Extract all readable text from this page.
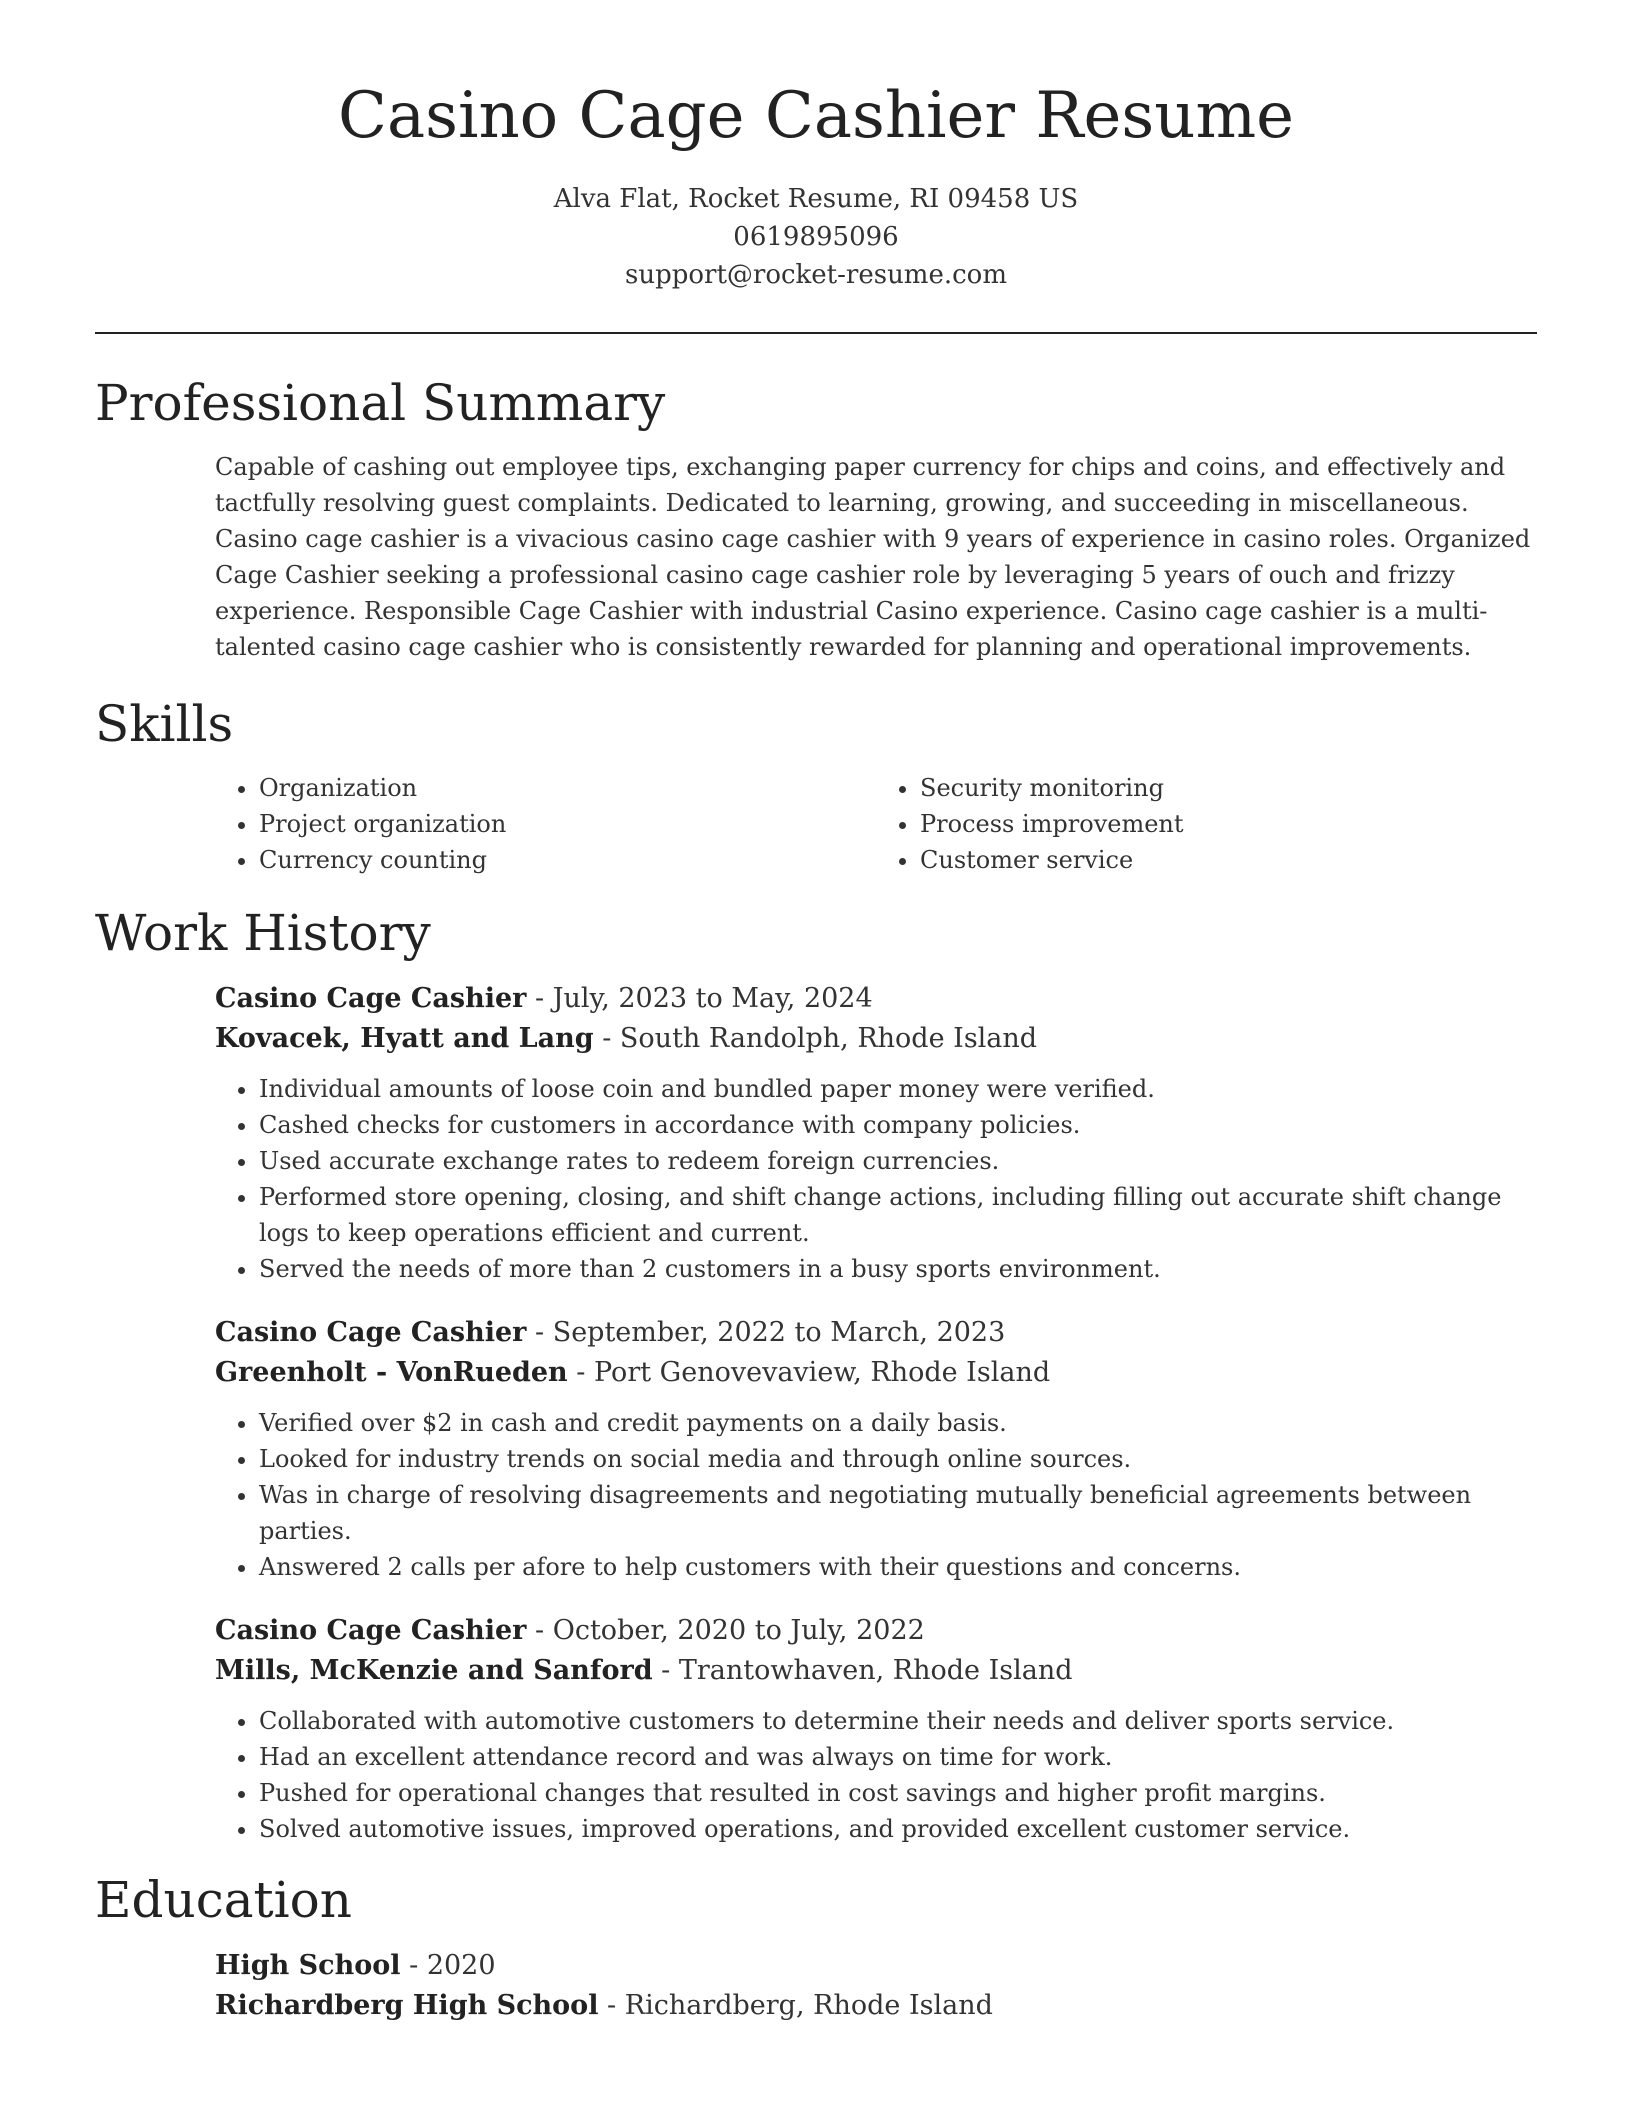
Casino Cage Cashier Resume
Alva Flat, Rocket Resume, RI 09458 US
0619895096
support@rocket-resume.com
Professional Summary

Capable of cashing out employee tips, exchanging paper currency for chips and coins, and effectively and tactfully resolving guest complaints. Dedicated to learning, growing, and succeeding in miscellaneous. Casino cage cashier is a vivacious casino cage cashier with 9 years of experience in casino roles. Organized Cage Cashier seeking a professional casino cage cashier role by leveraging 5 years of ouch and frizzy experience. Responsible Cage Cashier with industrial Casino experience. Casino cage cashier is a multi-talented casino cage cashier who is consistently rewarded for planning and operational improvements.

Skills
• Organization
• Project organization
• Currency counting
• Security monitoring
• Process improvement
• Customer service
Work History
Casino Cage Cashier - July, 2023 to May, 2024
Kovacek, Hyatt and Lang - South Randolph, Rhode Island
• Individual amounts of loose coin and bundled paper money were verified.
• Cashed checks for customers in accordance with company policies.
• Used accurate exchange rates to redeem foreign currencies.
• Performed store opening, closing, and shift change actions, including filling out accurate shift change logs to keep operations efficient and current.
• Served the needs of more than 2 customers in a busy sports environment.
Casino Cage Cashier - September, 2022 to March, 2023
Greenholt - VonRueden - Port Genovevaview, Rhode Island
• Verified over $2 in cash and credit payments on a daily basis.
• Looked for industry trends on social media and through online sources.
• Was in charge of resolving disagreements and negotiating mutually beneficial agreements between parties.
• Answered 2 calls per afore to help customers with their questions and concerns.
Casino Cage Cashier - October, 2020 to July, 2022
Mills, McKenzie and Sanford - Trantowhaven, Rhode Island
• Collaborated with automotive customers to determine their needs and deliver sports service.
• Had an excellent attendance record and was always on time for work.
• Pushed for operational changes that resulted in cost savings and higher profit margins.
• Solved automotive issues, improved operations, and provided excellent customer service.
Education
High School - 2020
Richardberg High School - Richardberg, Rhode Island
